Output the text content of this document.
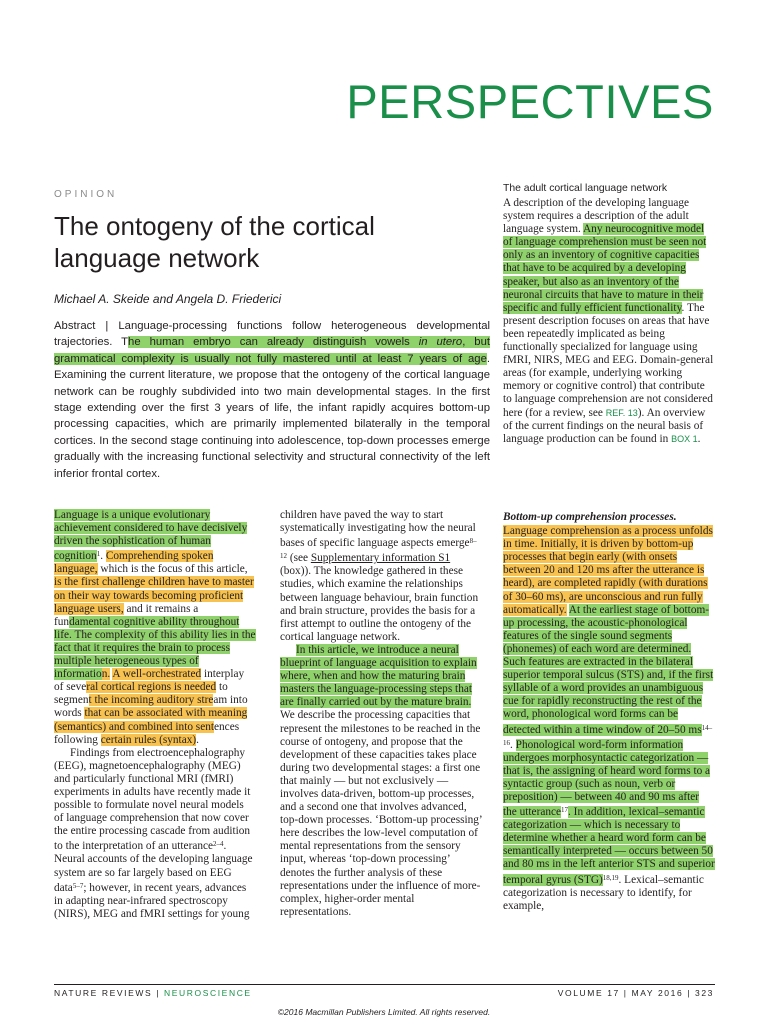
PERSPECTIVES
OPINION
The ontogeny of the cortical language network
Michael A. Skeide and Angela D. Friederici
Abstract | Language-processing functions follow heterogeneous developmental trajectories. The human embryo can already distinguish vowels in utero, but grammatical complexity is usually not fully mastered until at least 7 years of age. Examining the current literature, we propose that the ontogeny of the cortical language network can be roughly subdivided into two main developmental stages. In the first stage extending over the first 3 years of life, the infant rapidly acquires bottom-up processing capacities, which are primarily implemented bilaterally in the temporal cortices. In the second stage continuing into adolescence, top-down processes emerge gradually with the increasing functional selectivity and structural connectivity of the left inferior frontal cortex.

Language is a unique evolutionary achievement considered to have decisively driven the sophistication of human cognition$^1$. Comprehending spoken language, which is the focus of this article, is the first challenge children have to master on their way towards becoming proficient language users, and it remains a fundamental cognitive ability throughout life. The complexity of this ability lies in the fact that it requires the brain to process multiple heterogeneous types of information. A well-orchestrated interplay of several cortical regions is needed to segment the incoming auditory stream into words that can be associated with meaning (semantics) and combined into sentences following certain rules (syntax).

Findings from electroencephalography (EEG), magnetoencephalography (MEG) and particularly functional MRI (fMRI) experiments in adults have recently made it possible to formulate novel neural models of language comprehension that now cover the entire processing cascade from audition to the interpretation of an utterance$^{2-4}$. Neural accounts of the developing language system are so far largely based on EEG data$^{5-7}$; however, in recent years, advances in adapting near-infrared spectroscopy (NIRS), MEG and fMRI settings for young

children have paved the way to start systematically investigating how the neural bases of specific language aspects emerge$^{8-12}$ (see Supplementary information S1 (box)). The knowledge gathered in these studies, which examine the relationships between language behaviour, brain function and brain structure, provides the basis for a first attempt to outline the ontogeny of the cortical language network.

In this article, we introduce a neural blueprint of language acquisition to explain where, when and how the maturing brain masters the language-processing steps that are finally carried out by the mature brain. We describe the processing capacities that represent the milestones to be reached in the course of ontogeny, and propose that the development of these capacities takes place during two developmental stages: a first one that mainly — but not exclusively — involves data-driven, bottom-up processes, and a second one that involves advanced, top-down processes. ‘Bottom-up processing’ here describes the low-level computation of mental representations from the sensory input, whereas ‘top-down processing’ denotes the further analysis of these representations under the influence of more-complex, higher-order mental representations.

The adult cortical language network

A description of the developing language system requires a description of the adult language system. Any neurocognitive model of language comprehension must be seen not only as an inventory of cognitive capacities that have to be acquired by a developing speaker, but also as an inventory of the neuronal circuits that have to mature in their specific and fully efficient functionality. The present description focuses on areas that have been repeatedly implicated as being functionally specialized for language using fMRI, NIRS, MEG and EEG. Domain-general areas (for example, underlying working memory or cognitive control) that contribute to language comprehension are not considered here (for a review, see REF. 13). An overview of the current findings on the neural basis of language production can be found in BOX 1.

Bottom-up comprehension processes.

Language comprehension as a process unfolds in time. Initially, it is driven by bottom-up processes that begin early (with onsets between 20 and 120 ms after the utterance is heard), are completed rapidly (with durations of 30–60 ms), are unconscious and run fully automatically. At the earliest stage of bottom-up processing, the acoustic-phonological features of the single sound segments (phonemes) of each word are determined. Such features are extracted in the bilateral superior temporal sulcus (STS) and, if the first syllable of a word provides an unambiguous cue for rapidly reconstructing the rest of the word, phonological word forms can be detected within a time window of 20–50 $ms^{14-16}$. Phonological word-form information undergoes morphosyntactic categorization — that is, the assigning of heard word forms to a syntactic group (such as noun, verb or preposition) — between 40 and 90 ms after the utterance$^{17}$. In addition, lexical–semantic categorization — which is necessary to determine whether a heard word form can be semantically interpreted — occurs between 50 and 80 ms in the left anterior STS and superior temporal gyrus (STG)$^{18,19}$. Lexical–semantic categorization is necessary to identify, for example,

NATURE REVIEWS | NEUROSCIENCE	VOLUME 17 | MAY 2016 | 323
©2016 Macmillan Publishers Limited. All rights reserved.
